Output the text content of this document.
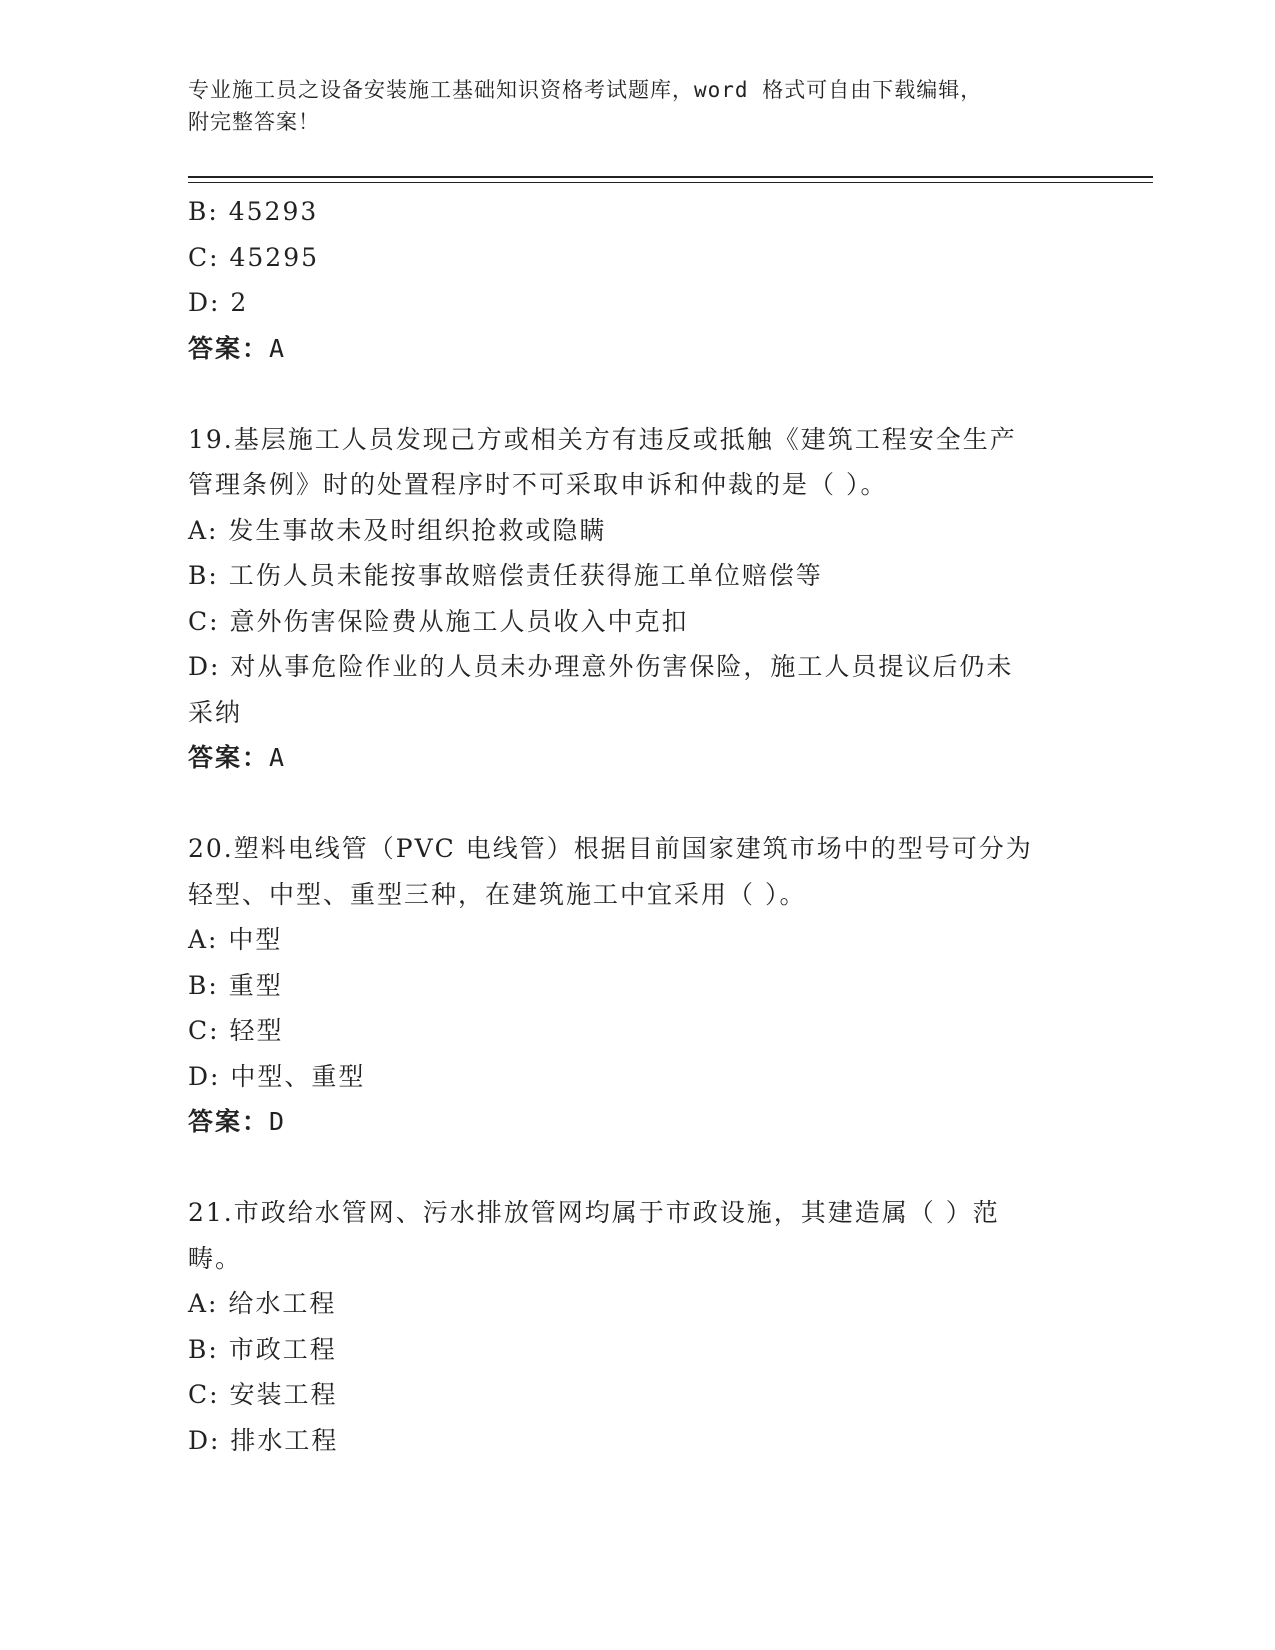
专业施工员之设备安装施工基础知识资格考试题库，word 格式可自由下载编辑，
附完整答案！

B: 45293

C: 45295

D: 2

答案：A

19.基层施工人员发现己方或相关方有违反或抵触《建筑工程安全生产

管理条例》时的处置程序时不可采取申诉和仲裁的是（ ）。

A: 发生事故未及时组织抢救或隐瞒

B: 工伤人员未能按事故赔偿责任获得施工单位赔偿等

C: 意外伤害保险费从施工人员收入中克扣

D: 对从事危险作业的人员未办理意外伤害保险，施工人员提议后仍未

采纳

答案：A

20.塑料电线管（PVC 电线管）根据目前国家建筑市场中的型号可分为

轻型、中型、重型三种，在建筑施工中宜采用（ ）。

A: 中型

B: 重型

C: 轻型

D: 中型、重型

答案：D

21.市政给水管网、污水排放管网均属于市政设施，其建造属（ ）范

畴。

A: 给水工程

B: 市政工程

C: 安装工程

D: 排水工程
